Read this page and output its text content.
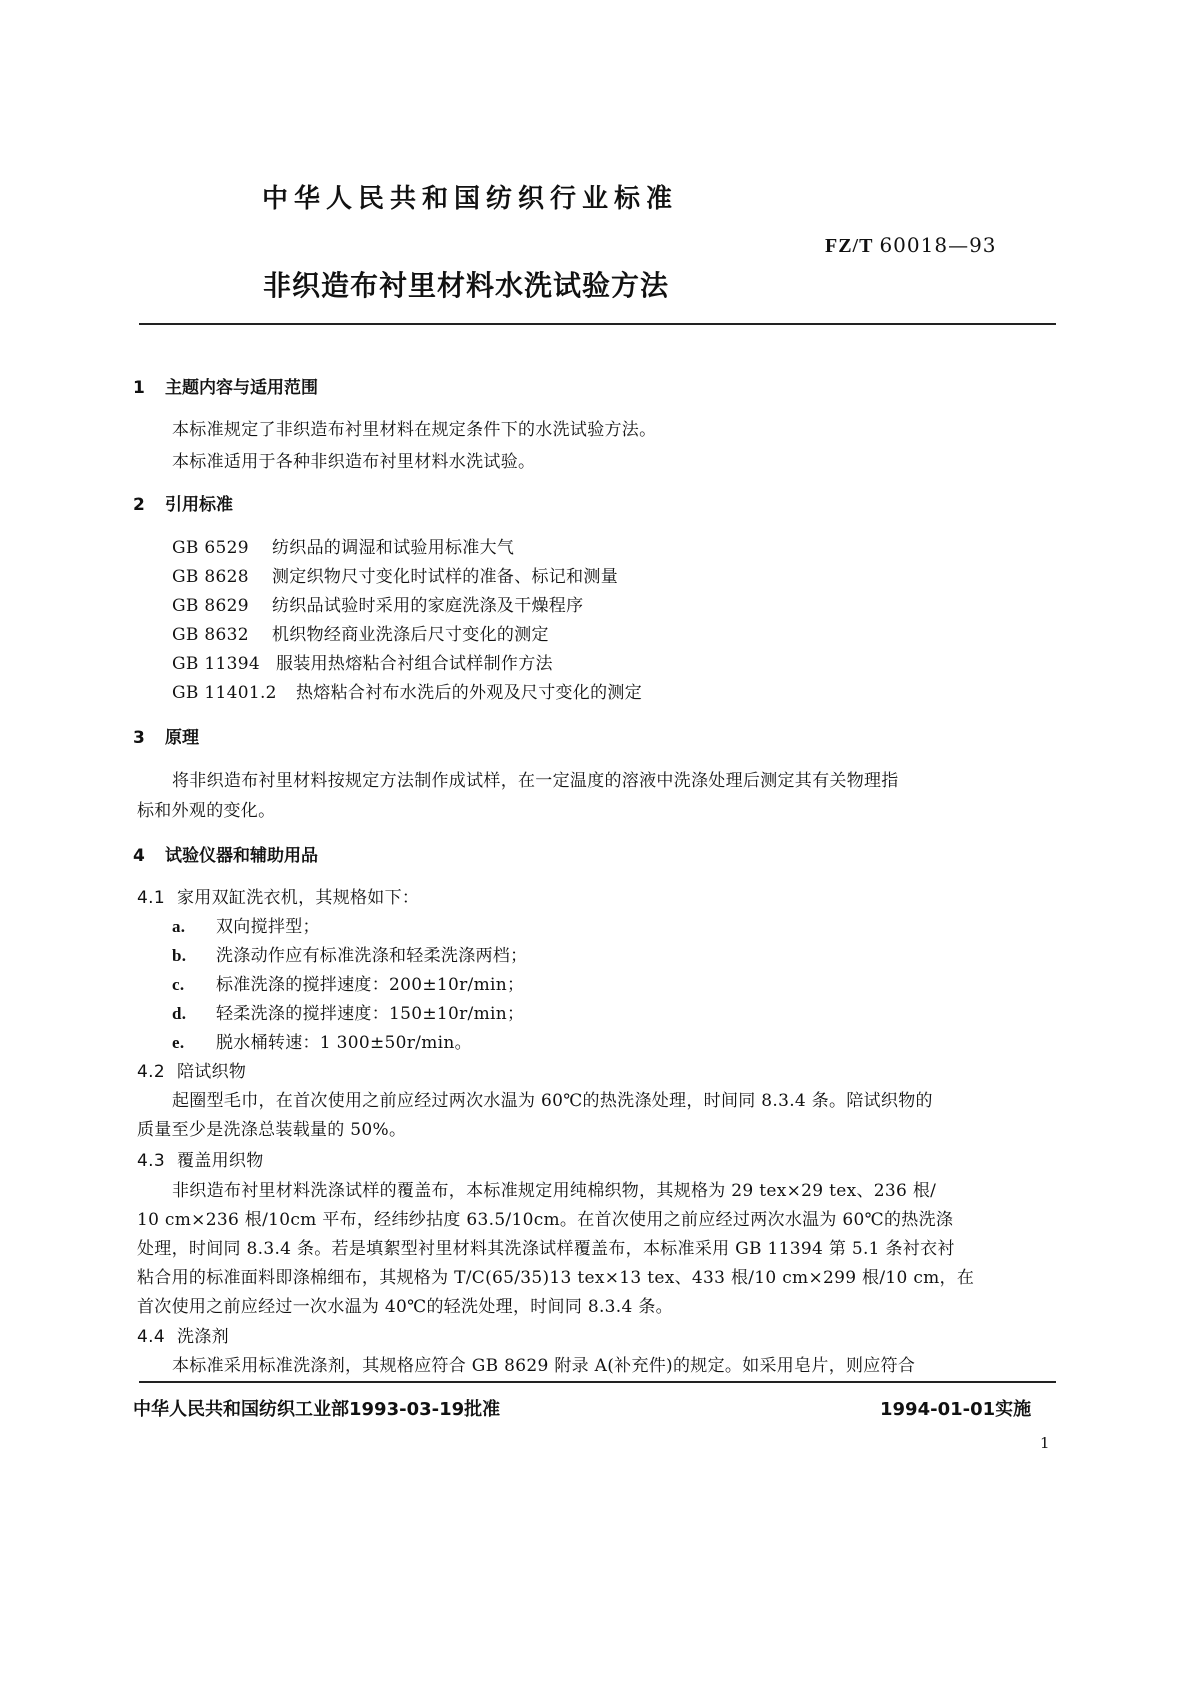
中华人民共和国纺织行业标准
FZ/T 60018—93
非织造布衬里材料水洗试验方法
1 主题内容与适用范围
本标准规定了非织造布衬里材料在规定条件下的水洗试验方法。
本标准适用于各种非织造布衬里材料水洗试验。
2 引用标准
GB 6529 纺织品的调湿和试验用标准大气
GB 8628 测定织物尺寸变化时试样的准备、标记和测量
GB 8629 纺织品试验时采用的家庭洗涤及干燥程序
GB 8632 机织物经商业洗涤后尺寸变化的测定
GB 11394 服装用热熔粘合衬组合试样制作方法
GB 11401.2 热熔粘合衬布水洗后的外观及尺寸变化的测定
3 原理
将非织造布衬里材料按规定方法制作成试样，在一定温度的溶液中洗涤处理后测定其有关物理指
标和外观的变化。
4 试验仪器和辅助用品
4.1 家用双缸洗衣机，其规格如下：
a. 双向搅拌型；
b. 洗涤动作应有标准洗涤和轻柔洗涤两档；
c. 标准洗涤的搅拌速度：200±10r/min；
d. 轻柔洗涤的搅拌速度：150±10r/min；
e. 脱水桶转速：1 300±50r/min。
4.2 陪试织物
起圈型毛巾，在首次使用之前应经过两次水温为 60℃的热洗涤处理，时间同 8.3.4 条。陪试织物的
质量至少是洗涤总装载量的 50%。
4.3 覆盖用织物
非织造布衬里材料洗涤试样的覆盖布，本标准规定用纯棉织物，其规格为 29 tex×29 tex、236 根/
10 cm×236 根/10cm 平布，经纬纱拈度 63.5/10cm。在首次使用之前应经过两次水温为 60℃的热洗涤
处理，时间同 8.3.4 条。若是填絮型衬里材料其洗涤试样覆盖布，本标准采用 GB 11394 第 5.1 条衬衣衬
粘合用的标准面料即涤棉细布，其规格为 T/C(65/35)13 tex×13 tex、433 根/10 cm×299 根/10 cm，在
首次使用之前应经过一次水温为 40℃的轻洗处理，时间同 8.3.4 条。
4.4 洗涤剂
本标准采用标准洗涤剂，其规格应符合 GB 8629 附录 A(补充件)的规定。如采用皂片，则应符合
中华人民共和国纺织工业部1993-03-19批准	1994-01-01实施
1
